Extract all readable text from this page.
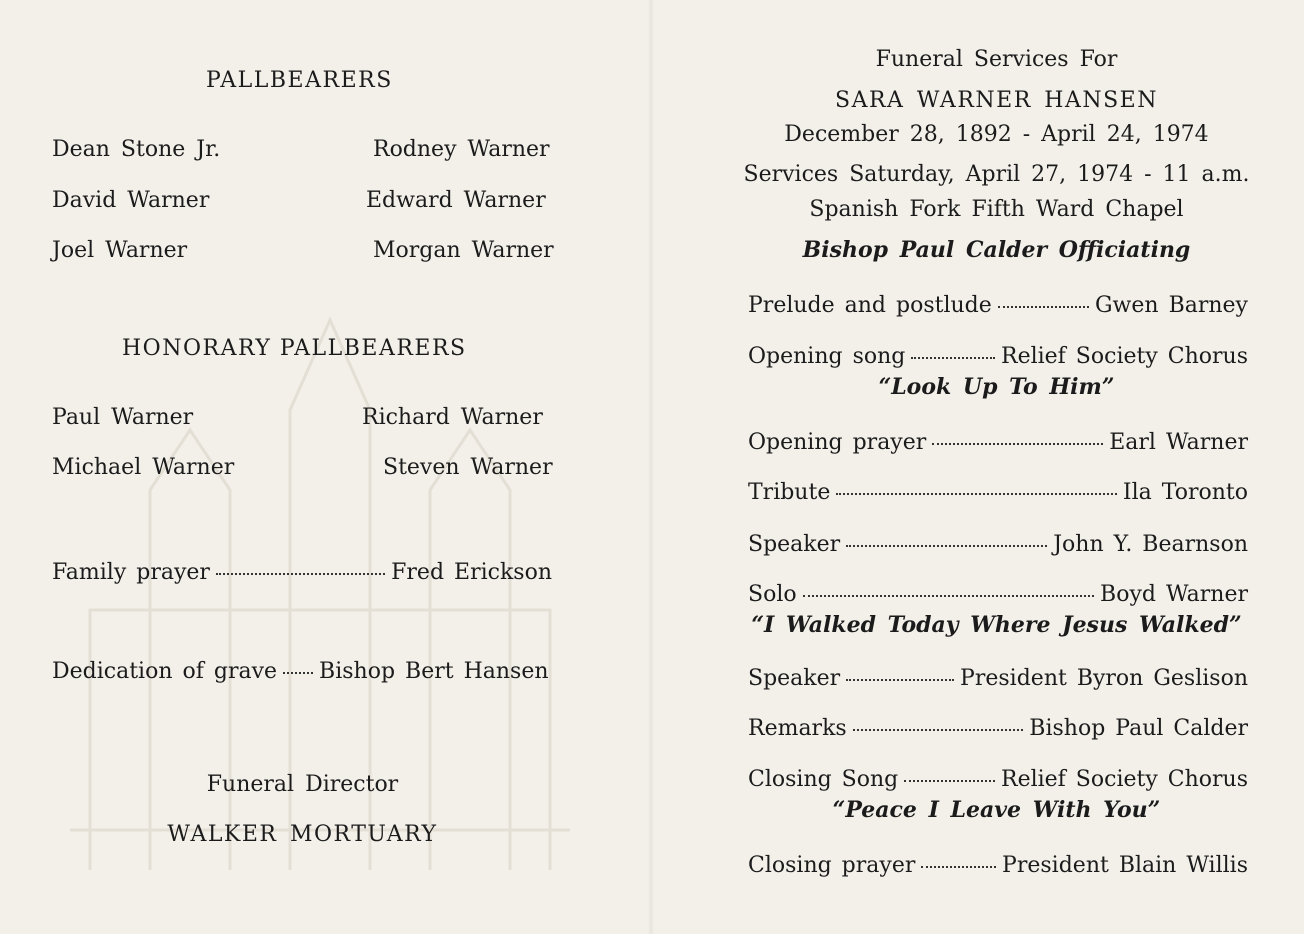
PALLBEARERS
Dean Stone Jr.	Rodney Warner
David Warner	Edward Warner
Joel Warner	Morgan Warner
HONORARY PALLBEARERS
Paul Warner	Richard Warner
Michael Warner	Steven Warner
Family prayer	Fred Erickson
Dedication of grave Bishop Bert Hansen
Funeral Director
WALKER MORTUARY
Funeral Services For
SARA WARNER HANSEN
December 28, 1892 - April 24, 1974
Services Saturday, April 27, 1974 - 11 a.m.
Spanish Fork Fifth Ward Chapel
Bishop Paul Calder Officiating
Prelude and postlude	Gwen Barney
Opening song	Relief Society Chorus
“Look Up To Him”
Opening prayer	Earl Warner
Tribute	Ila Toronto
Speaker	John Y. Bearnson
Solo	Boyd Warner
“I Walked Today Where Jesus Walked”
Speaker	President Byron Geslison
Remarks	Bishop Paul Calder
Closing Song	Relief Society Chorus
“Peace I Leave With You”
Closing prayer	President Blain Willis
